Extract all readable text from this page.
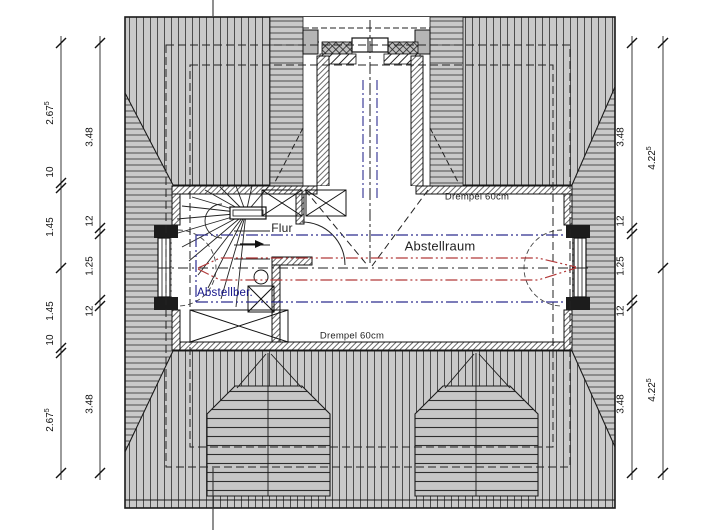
Flur
Abstellraum
Abstellber.
Drempel 60cm
Drempel 60cm
2.67$^5$
10
1.45
1.45
10
2.67$^5$
3.48
12
1.25
12
3.48
3.48
12
1.25
12
3.48
4.22$^5$
4.22$^5$
